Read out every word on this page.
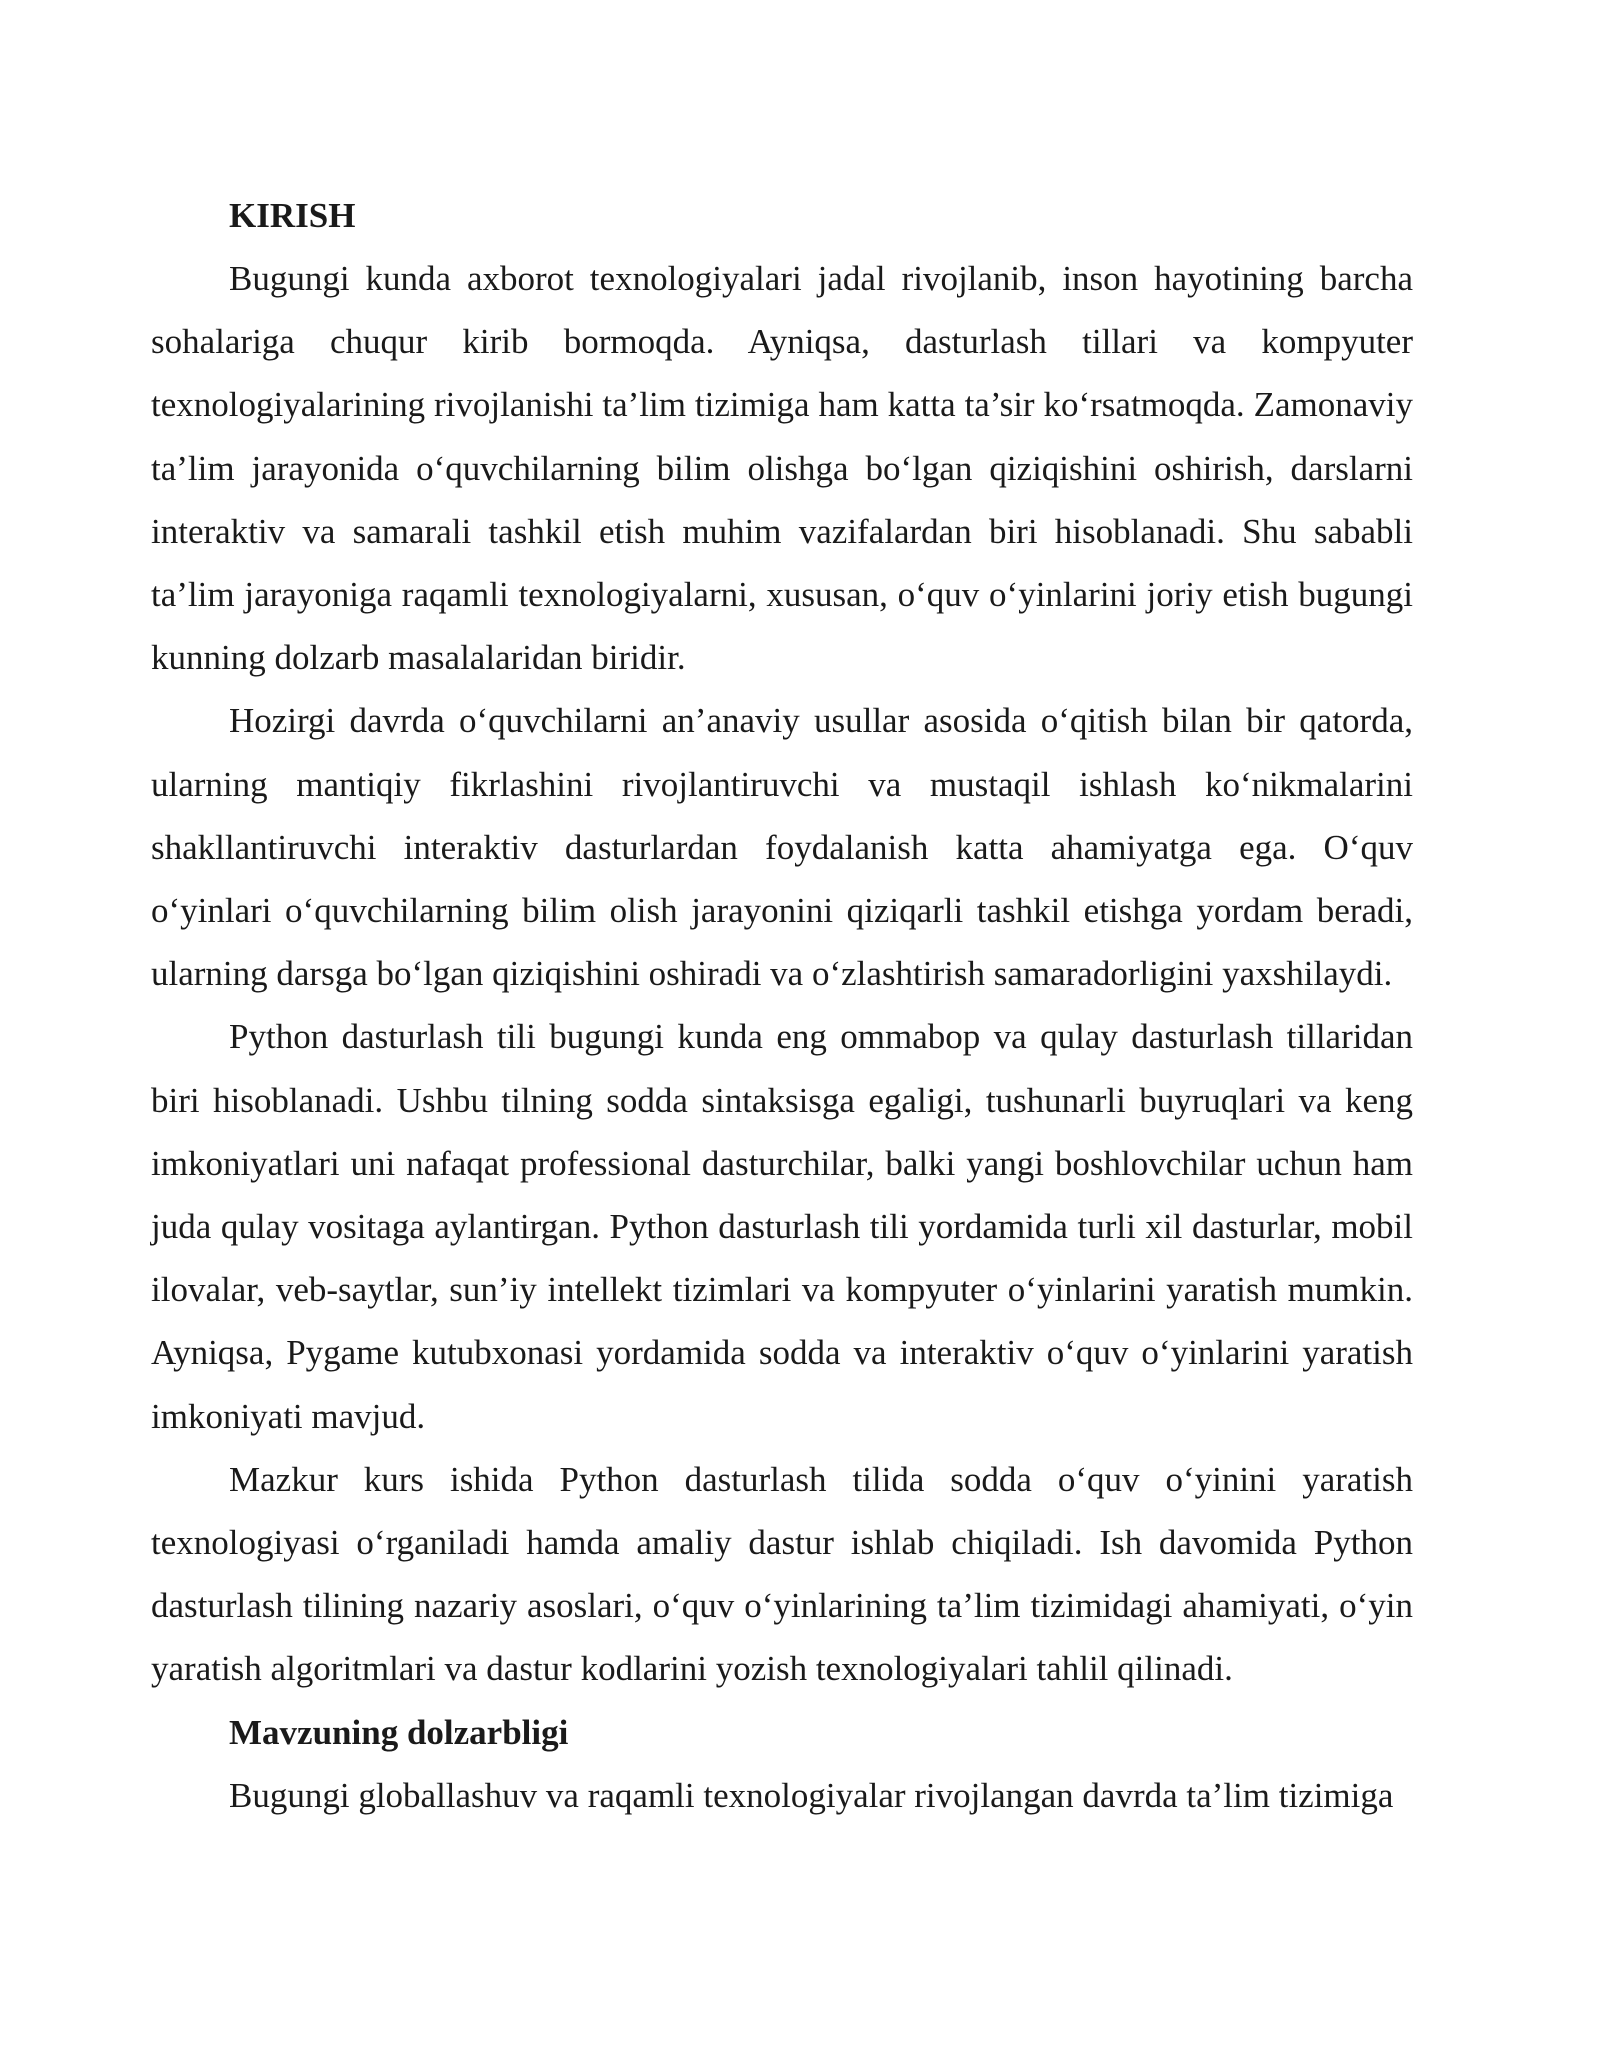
KIRISH

Bugungi kunda axborot texnologiyalari jadal rivojlanib, inson hayotining barcha sohalariga chuqur kirib bormoqda. Ayniqsa, dasturlash tillari va kompyuter texnologiyalarining rivojlanishi ta’lim tizimiga ham katta ta’sir ko‘rsatmoqda. Zamonaviy ta’lim jarayonida o‘quvchilarning bilim olishga bo‘lgan qiziqishini oshirish, darslarni interaktiv va samarali tashkil etish muhim vazifalardan biri hisoblanadi. Shu sababli ta’lim jarayoniga raqamli texnologiyalarni, xususan, o‘quv o‘yinlarini joriy etish bugungi kunning dolzarb masalalaridan biridir.

Hozirgi davrda o‘quvchilarni an’anaviy usullar asosida o‘qitish bilan bir qatorda, ularning mantiqiy fikrlashini rivojlantiruvchi va mustaqil ishlash ko‘nikmalarini shakllantiruvchi interaktiv dasturlardan foydalanish katta ahamiyatga ega. O‘quv o‘yinlari o‘quvchilarning bilim olish jarayonini qiziqarli tashkil etishga yordam beradi, ularning darsga bo‘lgan qiziqishini oshiradi va o‘zlashtirish samaradorligini yaxshilaydi.

Python dasturlash tili bugungi kunda eng ommabop va qulay dasturlash tillaridan biri hisoblanadi. Ushbu tilning sodda sintaksisga egaligi, tushunarli buyruqlari va keng imkoniyatlari uni nafaqat professional dasturchilar, balki yangi boshlovchilar uchun ham juda qulay vositaga aylantirgan. Python dasturlash tili yordamida turli xil dasturlar, mobil ilovalar, veb-saytlar, sun’iy intellekt tizimlari va kompyuter o‘yinlarini yaratish mumkin. Ayniqsa, Pygame kutubxonasi yordamida sodda va interaktiv o‘quv o‘yinlarini yaratish imkoniyati mavjud.

Mazkur kurs ishida Python dasturlash tilida sodda o‘quv o‘yinini yaratish texnologiyasi o‘rganiladi hamda amaliy dastur ishlab chiqiladi. Ish davomida Python dasturlash tilining nazariy asoslari, o‘quv o‘yinlarining ta’lim tizimidagi ahamiyati, o‘yin yaratish algoritmlari va dastur kodlarini yozish texnologiyalari tahlil qilinadi.

Mavzuning dolzarbligi

Bugungi globallashuv va raqamli texnologiyalar rivojlangan davrda ta’lim tizimiga
